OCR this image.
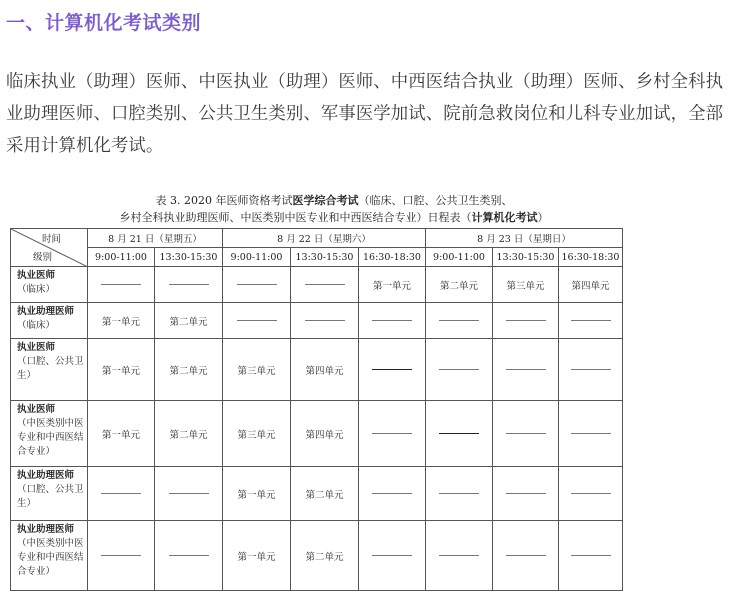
一、计算机化考试类别
临床执业（助理）医师、中医执业（助理）医师、中西医结合执业（助理）医师、乡村全科执业助理医师、口腔类别、公共卫生类别、军事医学加试、院前急救岗位和儿科专业加试，全部采用计算机化考试。
表 3. 2020 年医师资格考试医学综合考试（临床、口腔、公共卫生类别、
乡村全科执业助理医师、中医类别中医专业和中西医结合专业）日程表（计算机化考试）
时间
级别	8 月 21 日（星期五）		8 月 22 日（星期六）			8 月 23 日（星期日）		
	9:00-11:00	13:30-15:30	9:00-11:00	13:30-15:30	16:30-18:30	9:00-11:00	13:30-15:30	16:30-18:30

执业医师
（临床）					第一单元	第二单元	第三单元	第四单元

执业助理医师
（临床）	第一单元	第二单元						

执业医师
（口腔、公共卫生）	第一单元	第二单元	第三单元	第四单元				

执业医师
（中医类别中医专业和中西医结合专业）	第一单元	第二单元	第三单元	第四单元				

执业助理医师
（口腔、公共卫生）			第一单元	第二单元				

执业助理医师
（中医类别中医专业和中西医结合专业）			第一单元	第二单元				
